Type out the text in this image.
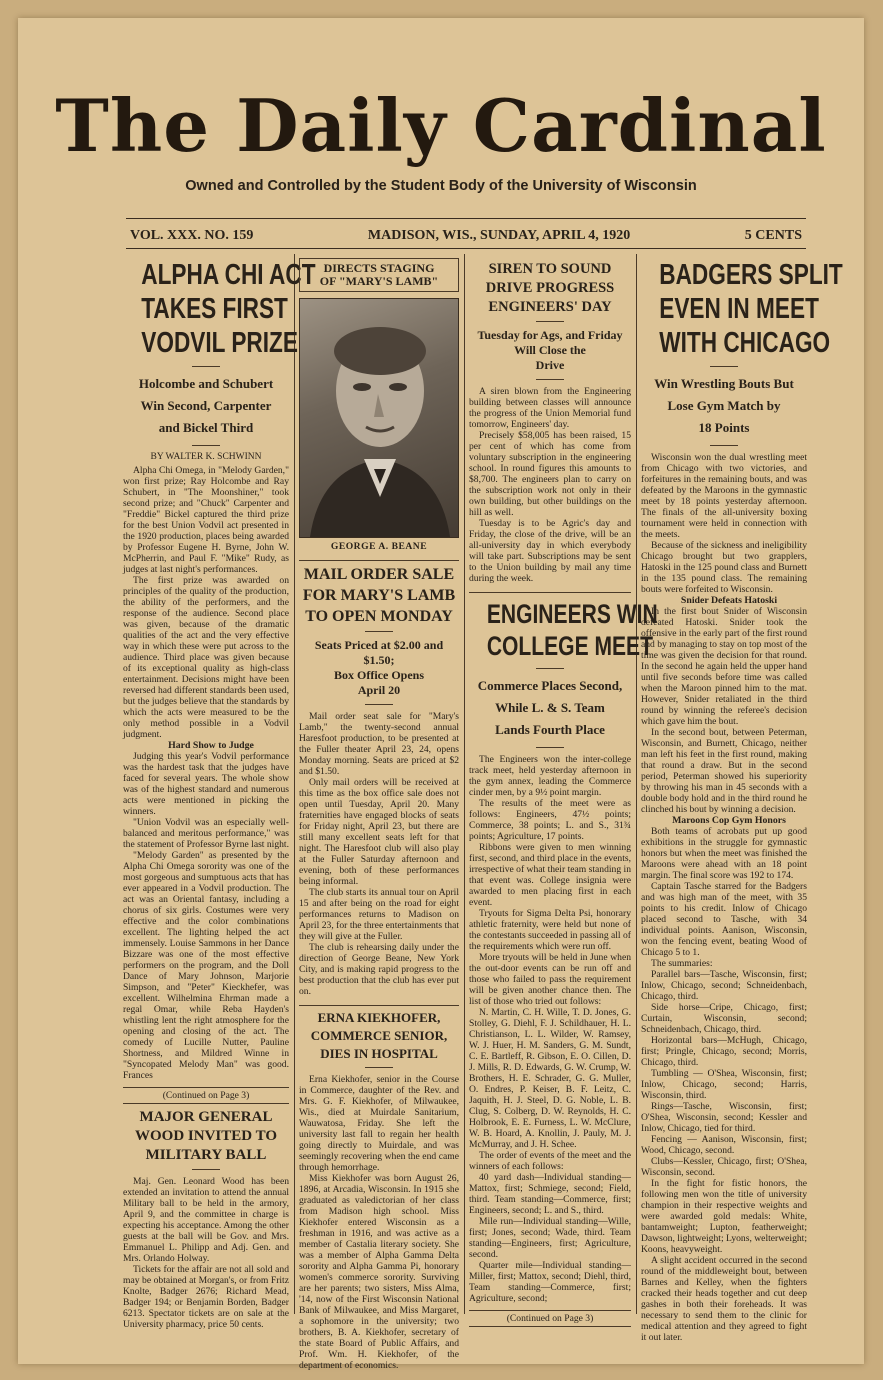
The Daily Cardinal
Owned and Controlled by the Student Body of the University of Wisconsin
VOL. XXX. NO. 159	MADISON, WIS., SUNDAY, APRIL 4, 1920	5 CENTS
ALPHA CHI ACT
TAKES FIRST
VODVIL PRIZE
Holcombe and Schubert
Win Second, Carpenter
and Bickel Third
BY WALTER K. SCHWINN

Alpha Chi Omega, in "Melody Garden," won first prize; Ray Holcombe and Ray Schubert, in "The Moonshiner," took second prize; and "Chuck" Carpenter and "Freddie" Bickel captured the third prize for the best Union Vodvil act presented in the 1920 production, places being awarded by Professor Eugene H. Byrne, John W. McPherrin, and Paul F. "Mike" Rudy, as judges at last night's performances.

The first prize was awarded on principles of the quality of the production, the ability of the performers, and the response of the audience. Second place was given, because of the dramatic qualities of the act and the very effective way in which these were put across to the audience. Third place was given because of its exceptional quality as high-class entertainment. Decisions might have been reversed had different standards been used, but the judges believe that the standards by which the acts were measured to be the only method possible in a Vodvil judgment.

Hard Show to Judge

Judging this year's Vodvil performance was the hardest task that the judges have faced for several years. The whole show was of the highest standard and numerous acts were mentioned in picking the winners.

"Union Vodvil was an especially well-balanced and meritous performance," was the statement of Professor Byrne last night.

"Melody Garden" as presented by the Alpha Chi Omega sorority was one of the most gorgeous and sumptuous acts that has ever appeared in a Vodvil production. The act was an Oriental fantasy, including a chorus of six girls. Costumes were very effective and the color combinations excellent. The lighting helped the act immensely. Louise Sammons in her Dance Bizzare was one of the most effective performers on the program, and the Doll Dance of Mary Johnson, Marjorie Simpson, and "Peter" Kieckhefer, was excellent. Wilhelmina Ehrman made a regal Omar, while Reba Hayden's whistling lent the right atmosphere for the opening and closing of the act. The comedy of Lucille Nutter, Pauline Shortness, and Mildred Winne in "Syncopated Melody Man" was good. Frances

(Continued on Page 3)
MAJOR GENERAL
WOOD INVITED TO
MILITARY BALL

Maj. Gen. Leonard Wood has been extended an invitation to attend the annual Military ball to be held in the armory, April 9, and the committee in charge is expecting his acceptance. Among the other guests at the ball will be Gov. and Mrs. Emmanuel L. Philipp and Adj. Gen. and Mrs. Orlando Holway.

Tickets for the affair are not all sold and may be obtained at Morgan's, or from Fritz Knolte, Badger 2676; Richard Mead, Badger 194; or Benjamin Borden, Badger 6213. Spectator tickets are on sale at the University pharmacy, price 50 cents.

DIRECTS STAGING
OF "MARY'S LAMB"
GEORGE A. BEANE
MAIL ORDER SALE
FOR MARY'S LAMB
TO OPEN MONDAY
Seats Priced at $2.00 and $1.50;
Box Office Opens
April 20

Mail order seat sale for "Mary's Lamb," the twenty-second annual Haresfoot production, to be presented at the Fuller theater April 23, 24, opens Monday morning. Seats are priced at $2 and $1.50.

Only mail orders will be received at this time as the box office sale does not open until Tuesday, April 20. Many fraternities have engaged blocks of seats for Friday night, April 23, but there are still many excellent seats left for that night. The Haresfoot club will also play at the Fuller Saturday afternoon and evening, both of these performances being informal.

The club starts its annual tour on April 15 and after being on the road for eight performances returns to Madison on April 23, for the three entertainments that they will give at the Fuller.

The club is rehearsing daily under the direction of George Beane, New York City, and is making rapid progress to the best production that the club has ever put on.

ERNA KIEKHOFER,
COMMERCE SENIOR,
DIES IN HOSPITAL

Erna Kiekhofer, senior in the Course in Commerce, daughter of the Rev. and Mrs. G. F. Kiekhofer, of Milwaukee, Wis., died at Muirdale Sanitarium, Wauwatosa, Friday. She left the university last fall to regain her health going directly to Muirdale, and was seemingly recovering when the end came through hemorrhage.

Miss Kiekhofer was born August 26, 1896, at Arcadia, Wisconsin. In 1915 she graduated as valedictorian of her class from Madison high school. Miss Kiekhofer entered Wisconsin as a freshman in 1916, and was active as a member of Castalia literary society. She was a member of Alpha Gamma Delta sorority and Alpha Gamma Pi, honorary women's commerce sorority. Surviving are her parents; two sisters, Miss Alma, '14, now of the First Wisconsin National Bank of Milwaukee, and Miss Margaret, a sophomore in the university; two brothers, B. A. Kiekhofer, secretary of the state Board of Public Affairs, and Prof. Wm. H. Kiekhofer, of the department of economics.

SIREN TO SOUND
DRIVE PROGRESS
ENGINEERS' DAY
Tuesday for Ags, and Friday
Will Close the
Drive

A siren blown from the Engineering building between classes will announce the progress of the Union Memorial fund tomorrow, Engineers' day.

Precisely $58,005 has been raised, 15 per cent of which has come from voluntary subscription in the engineering school. In round figures this amounts to $8,700. The engineers plan to carry on the subscription work not only in their own building, but other buildings on the hill as well.

Tuesday is to be Agric's day and Friday, the close of the drive, will be an all-university day in which everybody will take part. Subscriptions may be sent to the Union building by mail any time during the week.

ENGINEERS WIN
COLLEGE MEET
Commerce Places Second,
While L. & S. Team
Lands Fourth Place

The Engineers won the inter-college track meet, held yesterday afternoon in the gym annex, leading the Commerce cinder men, by a 9½ point margin.

The results of the meet were as follows: Engineers, 47½ points; Commerce, 38 points; L. and S., 31¾ points; Agriculture, 17 points.

Ribbons were given to men winning first, second, and third place in the events, irrespective of what their team standing in that event was. College insignia were awarded to men placing first in each event.

Tryouts for Sigma Delta Psi, honorary athletic fraternity, were held but none of the contestants succeeded in passing all of the requirements which were run off.

More tryouts will be held in June when the out-door events can be run off and those who failed to pass the requirement will be given another chance then. The list of those who tried out follows:

N. Martin, C. H. Wille, T. D. Jones, G. Stolley, G. Diehl, F. J. Schildhauer, H. L. Christianson, L. L. Wilder, W. Ramsey, W. J. Huer, H. M. Sanders, G. M. Sundt, C. E. Bartleff, R. Gibson, E. O. Cillen, D. J. Mills, R. D. Edwards, G. W. Crump, W. Brothers, H. E. Schrader, G. G. Muller, O. Endres, P. Keiser, B. F. Leitz, C. Jaquith, H. J. Steel, D. G. Noble, L. B. Clug, S. Colberg, D. W. Reynolds, H. C. Holbrook, E. E. Furness, L. W. McClure, W. B. Hoard, A. Knollin, J. Pauly, M. J. McMurray, and J. H. Schee.

The order of events of the meet and the winners of each follows:

40 yard dash—Individual standing—Mattox, first; Schmiege, second; Field, third. Team standing—Commerce, first; Engineers, second; L. and S., third.

Mile run—Individual standing—Wille, first; Jones, second; Wade, third. Team standing—Engineers, first; Agriculture, second.

Quarter mile—Individual standing—Miller, first; Mattox, second; Diehl, third, Team standing—Commerce, first; Agriculture, second;

(Continued on Page 3)
BADGERS SPLIT
EVEN IN MEET
WITH CHICAGO
Win Wrestling Bouts But
Lose Gym Match by
18 Points

Wisconsin won the dual wrestling meet from Chicago with two victories, and forfeitures in the remaining bouts, and was defeated by the Maroons in the gymnastic meet by 18 points yesterday afternoon. The finals of the all-university boxing tournament were held in connection with the meets.

Because of the sickness and ineligibility Chicago brought but two grapplers, Hatoski in the 125 pound class and Burnett in the 135 pound class. The remaining bouts were forfeited to Wisconsin.

Snider Defeats Hatoski

In the first bout Snider of Wisconsin defeated Hatoski. Snider took the offensive in the early part of the first round and by managing to stay on top most of the time was given the decision for that round. In the second he again held the upper hand until five seconds before time was called when the Maroon pinned him to the mat. However, Snider retaliated in the third round by winning the referee's decision which gave him the bout.

In the second bout, between Peterman, Wisconsin, and Burnett, Chicago, neither man left his feet in the first round, making that round a draw. But in the second period, Peterman showed his superiority by throwing his man in 45 seconds with a double body hold and in the third round he clinched his bout by winning a decision.

Maroons Cop Gym Honors

Both teams of acrobats put up good exhibitions in the struggle for gymnastic honors but when the meet was finished the Maroons were ahead with an 18 point margin. The final score was 192 to 174.

Captain Tasche starred for the Badgers and was high man of the meet, with 35 points to his credit. Inlow of Chicago placed second to Tasche, with 34 individual points. Aanison, Wisconsin, won the fencing event, beating Wood of Chicago 5 to 1.

The summaries:

Parallel bars—Tasche, Wisconsin, first; Inlow, Chicago, second; Schneidenbach, Chicago, third.

Side horse—Cripe, Chicago, first; Curtain, Wisconsin, second; Schneidenbach, Chicago, third.

Horizontal bars—McHugh, Chicago, first; Pringle, Chicago, second; Morris, Chicago, third.

Tumbling — O'Shea, Wisconsin, first; Inlow, Chicago, second; Harris, Wisconsin, third.

Rings—Tasche, Wisconsin, first; O'Shea, Wisconsin, second; Kessler and Inlow, Chicago, tied for third.

Fencing — Aanison, Wisconsin, first; Wood, Chicago, second.

Clubs—Kessler, Chicago, first; O'Shea, Wisconsin, second.

In the fight for fistic honors, the following men won the title of university champion in their respective weights and were awarded gold medals: White, bantamweight; Lupton, featherweight; Dawson, lightweight; Lyons, welterweight; Koons, heavyweight.

A slight accident occurred in the second round of the middleweight bout, between Barnes and Kelley, when the fighters cracked their heads together and cut deep gashes in both their foreheads. It was necessary to send them to the clinic for medical attention and they agreed to fight it out later.
